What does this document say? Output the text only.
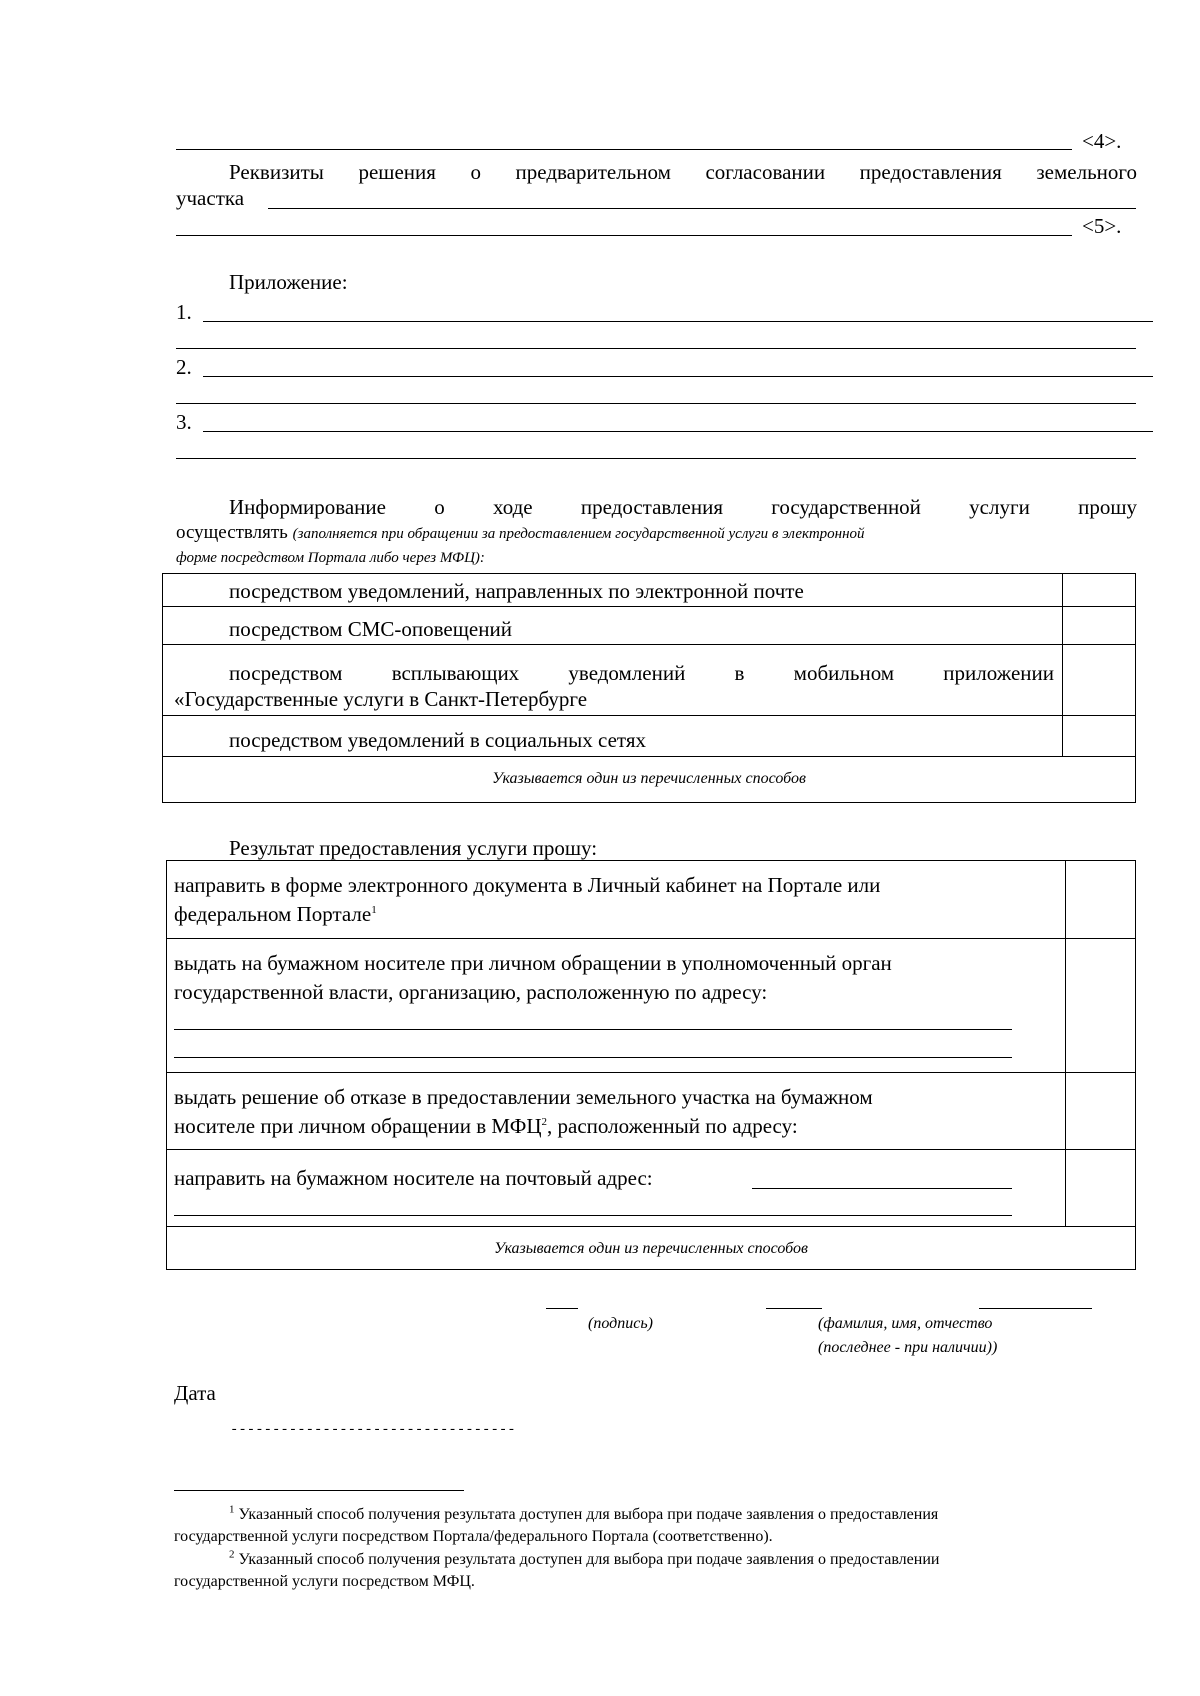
<4>.
Реквизиты решения о предварительном согласовании предоставления земельного
участка
<5>.
Приложение:
1.
2.
3.
Информирование о ходе предоставления государственной услуги прошу
осуществлять (заполняется при обращении за предоставлением государственной услуги в электронной
форме посредством Портала либо через МФЦ):
посредством уведомлений, направленных по электронной почте
посредством СМС-оповещений
посредством всплывающих уведомлений в мобильном приложении
«Государственные услуги в Санкт-Петербурге
посредством уведомлений в социальных сетях
Указывается один из перечисленных способов
Результат предоставления услуги прошу:
направить в форме электронного документа в Личный кабинет на Портале или
федеральном Портале$^1$
выдать на бумажном носителе при личном обращении в уполномоченный орган
государственной власти, организацию, расположенную по адресу:
выдать решение об отказе в предоставлении земельного участка на бумажном
носителе при личном обращении в МФЦ$^2$, расположенный по адресу:
направить на бумажном носителе на почтовый адрес:
Указывается один из перечисленных способов
(подпись)	(фамилия, имя, отчество
(последнее - при наличии))
Дата
----------------------------------
$^1$ Указанный способ получения результата доступен для выбора при подаче заявления о предоставления
государственной услуги посредством Портала/федерального Портала (соответственно).
$^2$ Указанный способ получения результата доступен для выбора при подаче заявления о предоставлении
государственной услуги посредством МФЦ.
